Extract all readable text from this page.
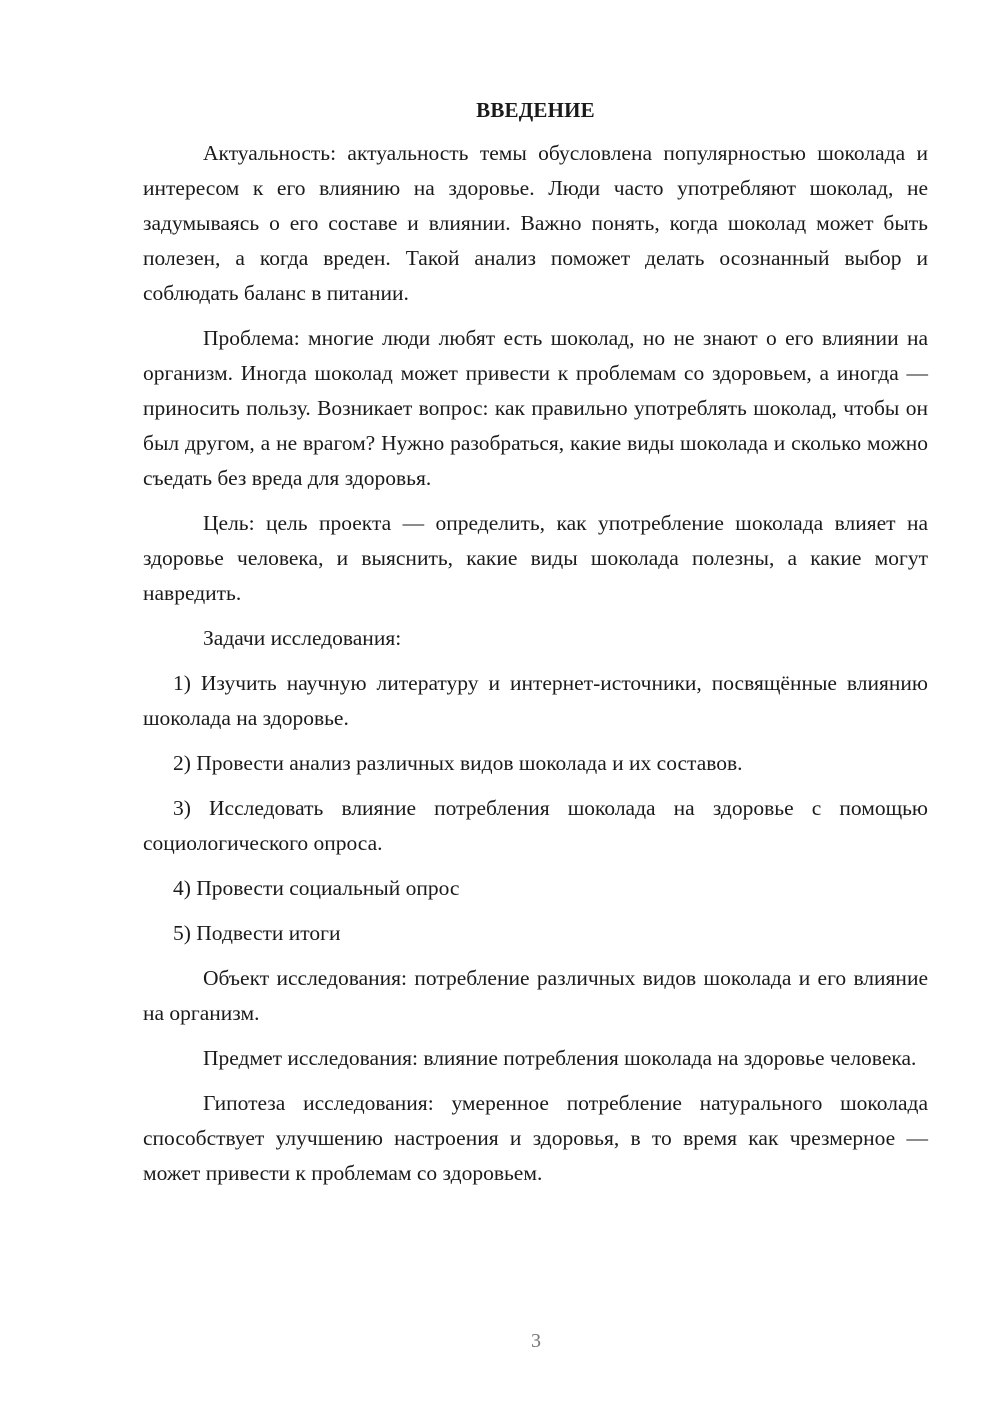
ВВЕДЕНИЕ

Актуальность: актуальность темы обусловлена популярностью шоколада и интересом к его влиянию на здоровье. Люди часто употребляют шоколад, не задумываясь о его составе и влиянии. Важно понять, когда шоколад может быть полезен, а когда вреден. Такой анализ поможет делать осознанный выбор и соблюдать баланс в питании.

Проблема: многие люди любят есть шоколад, но не знают о его влиянии на организм. Иногда шоколад может привести к проблемам со здоровьем, а иногда — приносить пользу. Возникает вопрос: как правильно употреблять шоколад, чтобы он был другом, а не врагом? Нужно разобраться, какие виды шоколада и сколько можно съедать без вреда для здоровья.

Цель: цель проекта — определить, как употребление шоколада влияет на здоровье человека, и выяснить, какие виды шоколада полезны, а какие могут навредить.

Задачи исследования:

1) Изучить научную литературу и интернет-источники, посвящённые влиянию шоколада на здоровье.

2) Провести анализ различных видов шоколада и их составов.

3) Исследовать влияние потребления шоколада на здоровье с помощью социологического опроса.

4) Провести социальный опрос

5) Подвести итоги

Объект исследования: потребление различных видов шоколада и его влияние на организм.

Предмет исследования: влияние потребления шоколада на здоровье человека.

Гипотеза исследования: умеренное потребление натурального шоколада способствует улучшению настроения и здоровья, в то время как чрезмерное — может привести к проблемам со здоровьем.

3
